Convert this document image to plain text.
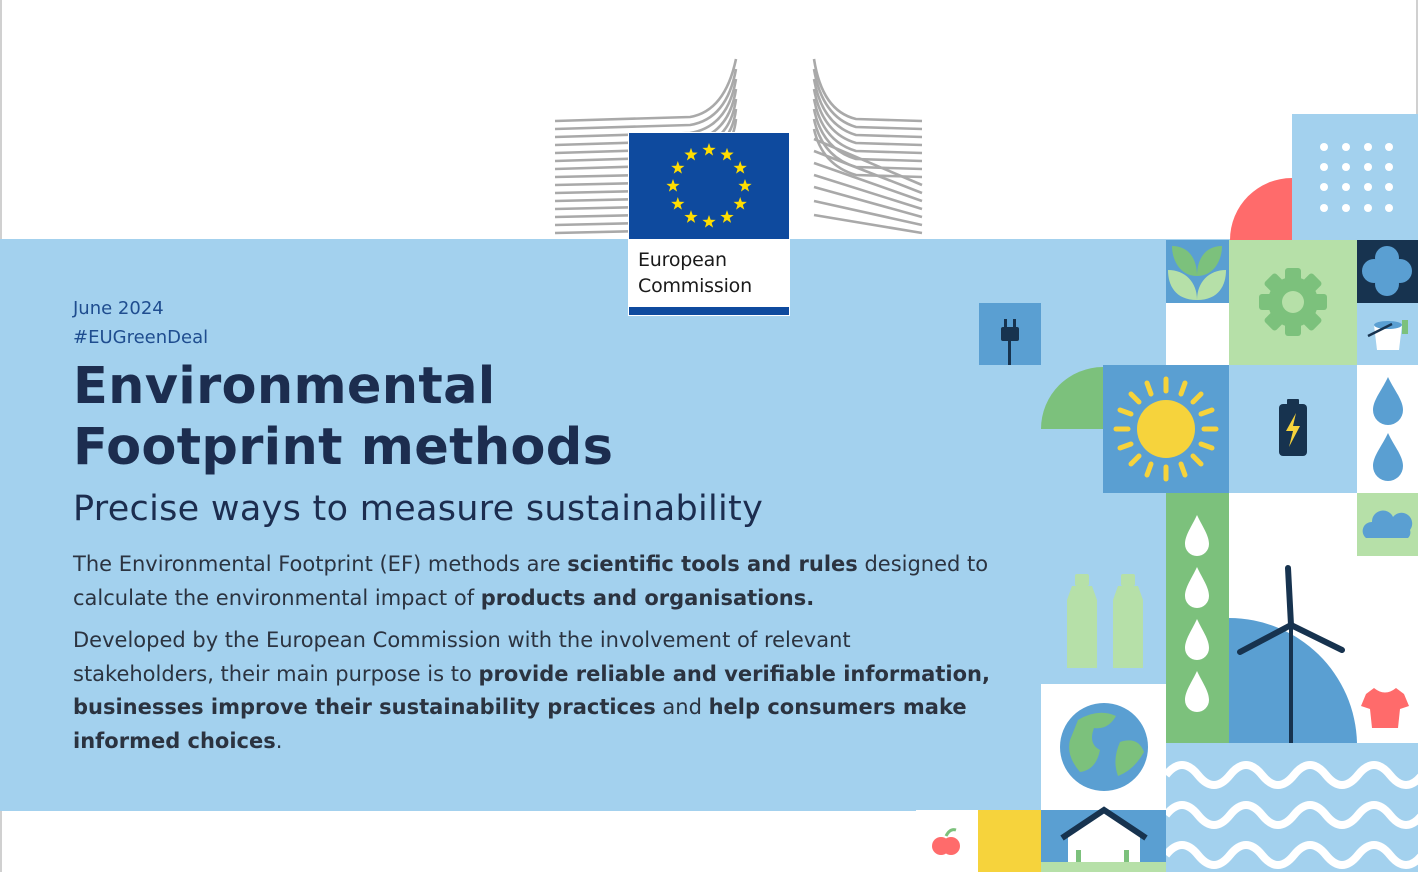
European
Commission
June 2024
#EUGreenDeal
Environmental
Footprint methods
Precise ways to measure sustainability

The Environmental Footprint (EF) methods are scientific tools and rules designed to calculate the environmental impact of products and organisations.

Developed by the European Commission with the involvement of relevant stakeholders, their main purpose is to provide reliable and verifiable information, businesses improve their sustainability practices and help consumers make informed choices.
